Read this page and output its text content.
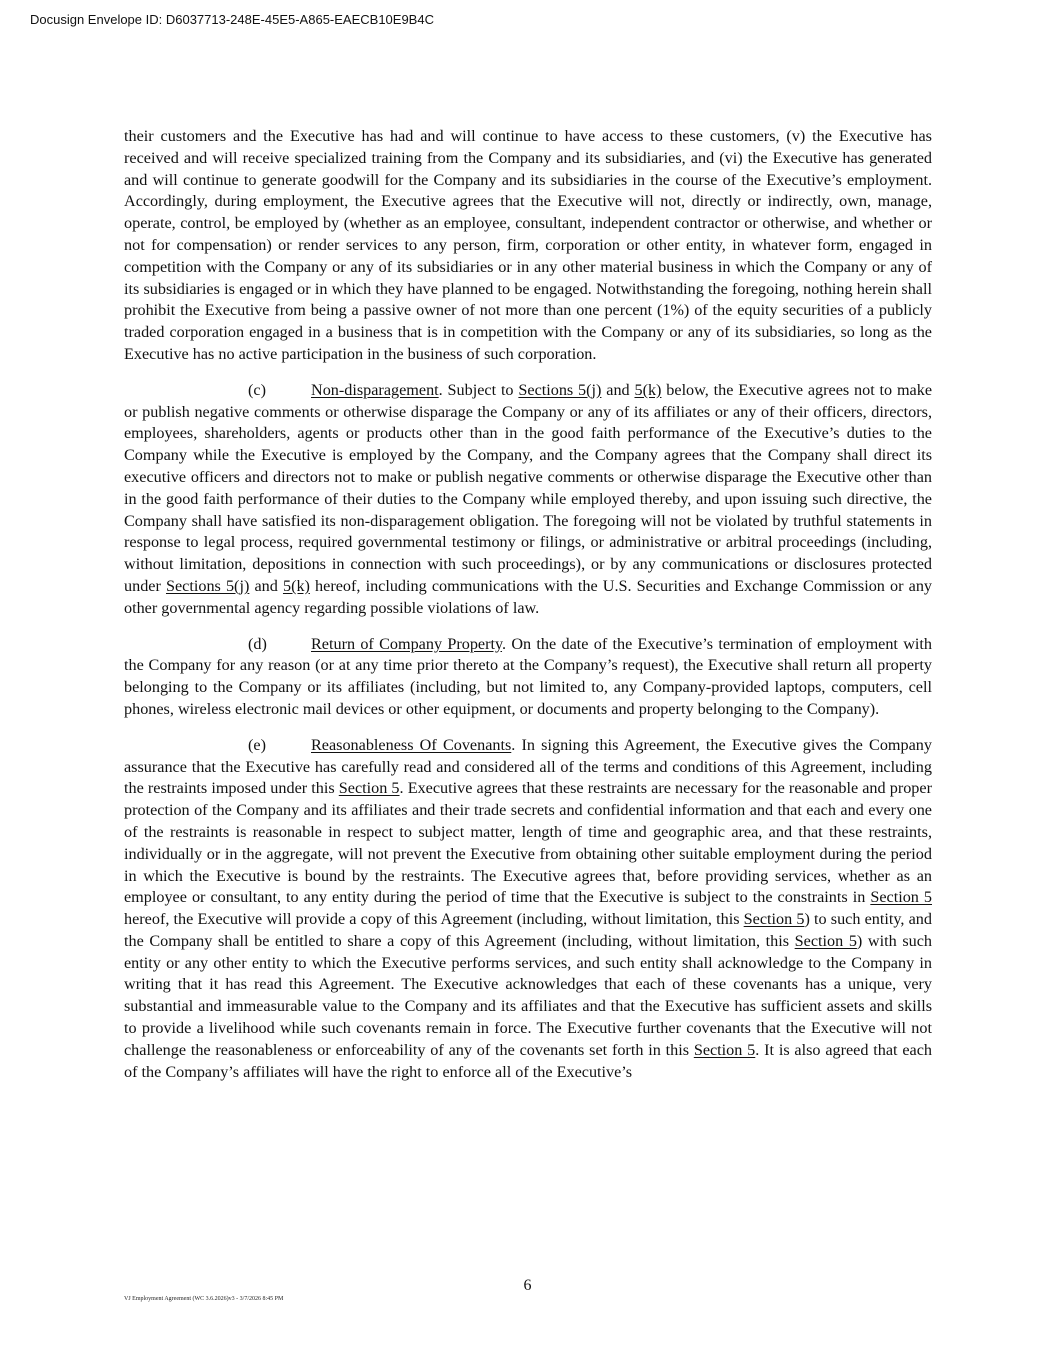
Docusign Envelope ID: D6037713-248E-45E5-A865-EAECB10E9B4C

their customers and the Executive has had and will continue to have access to these customers, (v) the Executive has received and will receive specialized training from the Company and its subsidiaries, and (vi) the Executive has generated and will continue to generate goodwill for the Company and its subsidiaries in the course of the Executive’s employment. Accordingly, during employment, the Executive agrees that the Executive will not, directly or indirectly, own, manage, operate, control, be employed by (whether as an employee, consultant, independent contractor or otherwise, and whether or not for compensation) or render services to any person, firm, corporation or other entity, in whatever form, engaged in competition with the Company or any of its subsidiaries or in any other material business in which the Company or any of its subsidiaries is engaged or in which they have planned to be engaged. Notwithstanding the foregoing, nothing herein shall prohibit the Executive from being a passive owner of not more than one percent (1%) of the equity securities of a publicly traded corporation engaged in a business that is in competition with the Company or any of its subsidiaries, so long as the Executive has no active participation in the business of such corporation.

(c)	Non-disparagement. Subject to Sections 5(j) and 5(k) below, the Executive agrees not to make or publish negative comments or otherwise disparage the Company or any of its affiliates or any of their officers, directors, employees, shareholders, agents or products other than in the good faith performance of the Executive’s duties to the Company while the Executive is employed by the Company, and the Company agrees that the Company shall direct its executive officers and directors not to make or publish negative comments or otherwise disparage the Executive other than in the good faith performance of their duties to the Company while employed thereby, and upon issuing such directive, the Company shall have satisfied its non-disparagement obligation. The foregoing will not be violated by truthful statements in response to legal process, required governmental testimony or filings, or administrative or arbitral proceedings (including, without limitation, depositions in connection with such proceedings), or by any communications or disclosures protected under Sections 5(j) and 5(k) hereof, including communications with the U.S. Securities and Exchange Commission or any other governmental agency regarding possible violations of law.

(d)	Return of Company Property. On the date of the Executive’s termination of employment with the Company for any reason (or at any time prior thereto at the Company’s request), the Executive shall return all property belonging to the Company or its affiliates (including, but not limited to, any Company-provided laptops, computers, cell phones, wireless electronic mail devices or other equipment, or documents and property belonging to the Company).

(e)	Reasonableness Of Covenants. In signing this Agreement, the Executive gives the Company assurance that the Executive has carefully read and considered all of the terms and conditions of this Agreement, including the restraints imposed under this Section 5. Executive agrees that these restraints are necessary for the reasonable and proper protection of the Company and its affiliates and their trade secrets and confidential information and that each and every one of the restraints is reasonable in respect to subject matter, length of time and geographic area, and that these restraints, individually or in the aggregate, will not prevent the Executive from obtaining other suitable employment during the period in which the Executive is bound by the restraints. The Executive agrees that, before providing services, whether as an employee or consultant, to any entity during the period of time that the Executive is subject to the constraints in Section 5 hereof, the Executive will provide a copy of this Agreement (including, without limitation, this Section 5) to such entity, and the Company shall be entitled to share a copy of this Agreement (including, without limitation, this Section 5) with such entity or any other entity to which the Executive performs services, and such entity shall acknowledge to the Company in writing that it has read this Agreement. The Executive acknowledges that each of these covenants has a unique, very substantial and immeasurable value to the Company and its affiliates and that the Executive has sufficient assets and skills to provide a livelihood while such covenants remain in force. The Executive further covenants that the Executive will not challenge the reasonableness or enforceability of any of the covenants set forth in this Section 5. It is also agreed that each of the Company’s affiliates will have the right to enforce all of the Executive’s

6
VJ Employment Agreement (WC 3.6.2026)v3 - 3/7/2026 8:45 PM
